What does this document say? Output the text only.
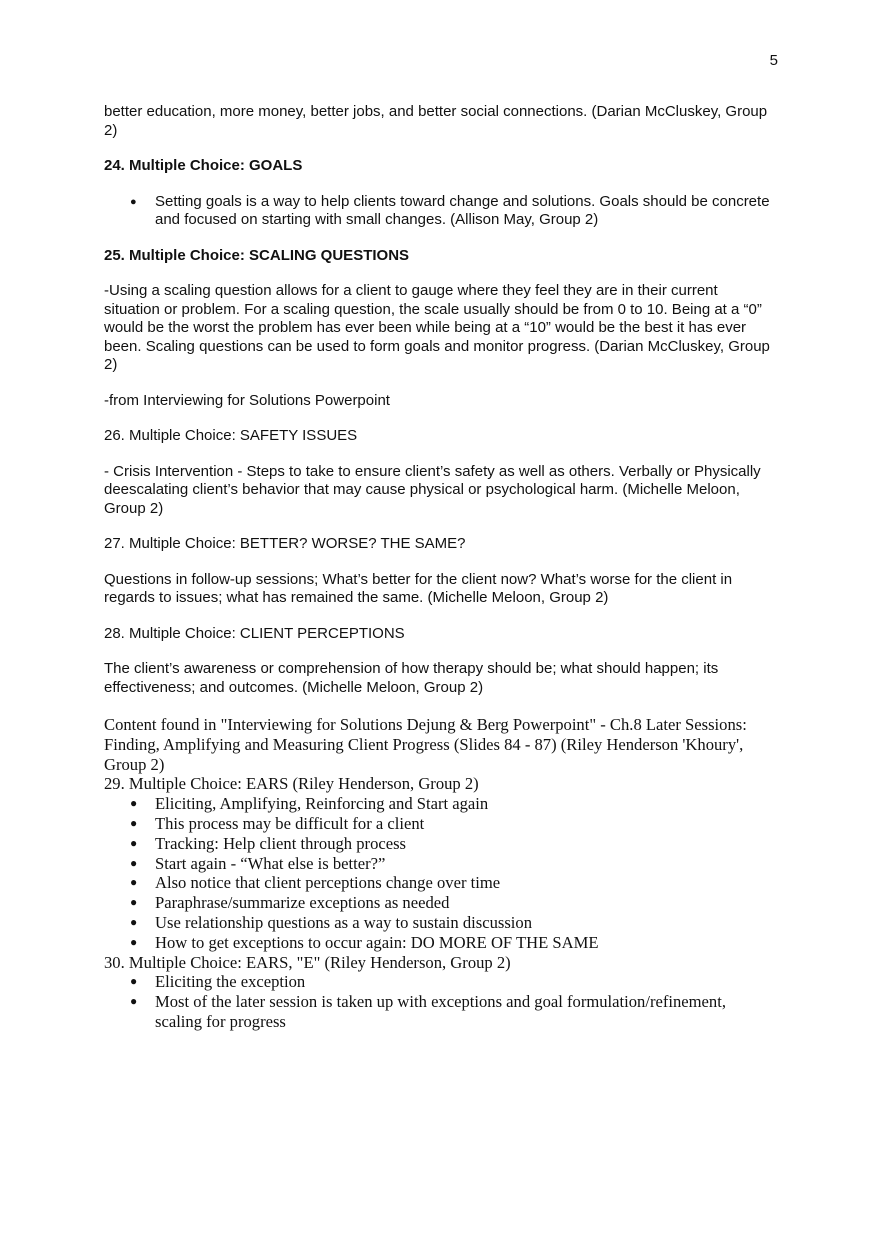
5

better education, more money, better jobs, and better social connections. (Darian McCluskey, Group 2)

24. Multiple Choice: GOALS

● Setting goals is a way to help clients toward change and solutions. Goals should be concrete and focused on starting with small changes. (Allison May, Group 2)

25. Multiple Choice: SCALING QUESTIONS

-Using a scaling question allows for a client to gauge where they feel they are in their current situation or problem. For a scaling question, the scale usually should be from 0 to 10. Being at a “0” would be the worst the problem has ever been while being at a “10” would be the best it has ever been. Scaling questions can be used to form goals and monitor progress. (Darian McCluskey, Group 2)

-from Interviewing for Solutions Powerpoint

26. Multiple Choice: SAFETY ISSUES

- Crisis Intervention - Steps to take to ensure client’s safety as well as others. Verbally or Physically deescalating client’s behavior that may cause physical or psychological harm. (Michelle Meloon, Group 2)

27. Multiple Choice: BETTER? WORSE? THE SAME?

Questions in follow-up sessions; What’s better for the client now? What’s worse for the client in regards to issues; what has remained the same. (Michelle Meloon, Group 2)

28. Multiple Choice: CLIENT PERCEPTIONS

The client’s awareness or comprehension of how therapy should be; what should happen; its effectiveness; and outcomes. (Michelle Meloon, Group 2)

Content found in "Interviewing for Solutions Dejung & Berg Powerpoint" - Ch.8 Later Sessions: Finding, Amplifying and Measuring Client Progress (Slides 84 - 87) (Riley Henderson 'Khoury', Group 2)

29. Multiple Choice: EARS (Riley Henderson, Group 2)

● Eliciting, Amplifying, Reinforcing and Start again
● This process may be difficult for a client
● Tracking: Help client through process
● Start again - “What else is better?”
● Also notice that client perceptions change over time
● Paraphrase/summarize exceptions as needed
● Use relationship questions as a way to sustain discussion
● How to get exceptions to occur again: DO MORE OF THE SAME

30. Multiple Choice: EARS, "E" (Riley Henderson, Group 2)

● Eliciting the exception
● Most of the later session is taken up with exceptions and goal formulation/refinement, scaling for progress
